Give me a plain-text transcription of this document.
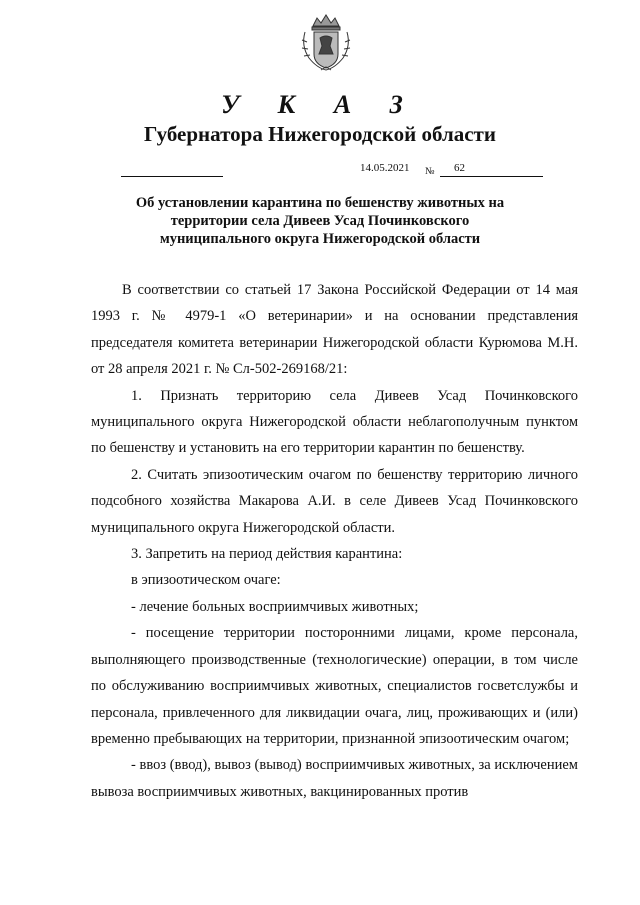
У К А З
Губернатора Нижегородской области
14.05.2021 № 62
Об установлении карантина по бешенству животных на
территории села Дивеев Усад Починковского
муниципального округа Нижегородской области

В соответствии со статьей 17 Закона Российской Федерации от 14 мая 1993 г. № 4979-1 «О ветеринарии» и на основании представления председателя комитета ветеринарии Нижегородской области Курюмова М.Н. от 28 апреля 2021 г. № Сл-502-269168/21:

1. Признать территорию села Дивеев Усад Починковского муниципального округа Нижегородской области неблагополучным пунктом по бешенству и установить на его территории карантин по бешенству.

2. Считать эпизоотическим очагом по бешенству территорию личного подсобного хозяйства Макарова А.И. в селе Дивеев Усад Починковского муниципального округа Нижегородской области.

3. Запретить на период действия карантина:

в эпизоотическом очаге:

- лечение больных восприимчивых животных;

- посещение территории посторонними лицами, кроме персонала, выполняющего производственные (технологические) операции, в том числе по обслуживанию восприимчивых животных, специалистов госветслужбы и персонала, привлеченного для ликвидации очага, лиц, проживающих и (или) временно пребывающих на территории, признанной эпизоотическим очагом;

- ввоз (ввод), вывоз (вывод) восприимчивых животных, за исключением вывоза восприимчивых животных, вакцинированных против
